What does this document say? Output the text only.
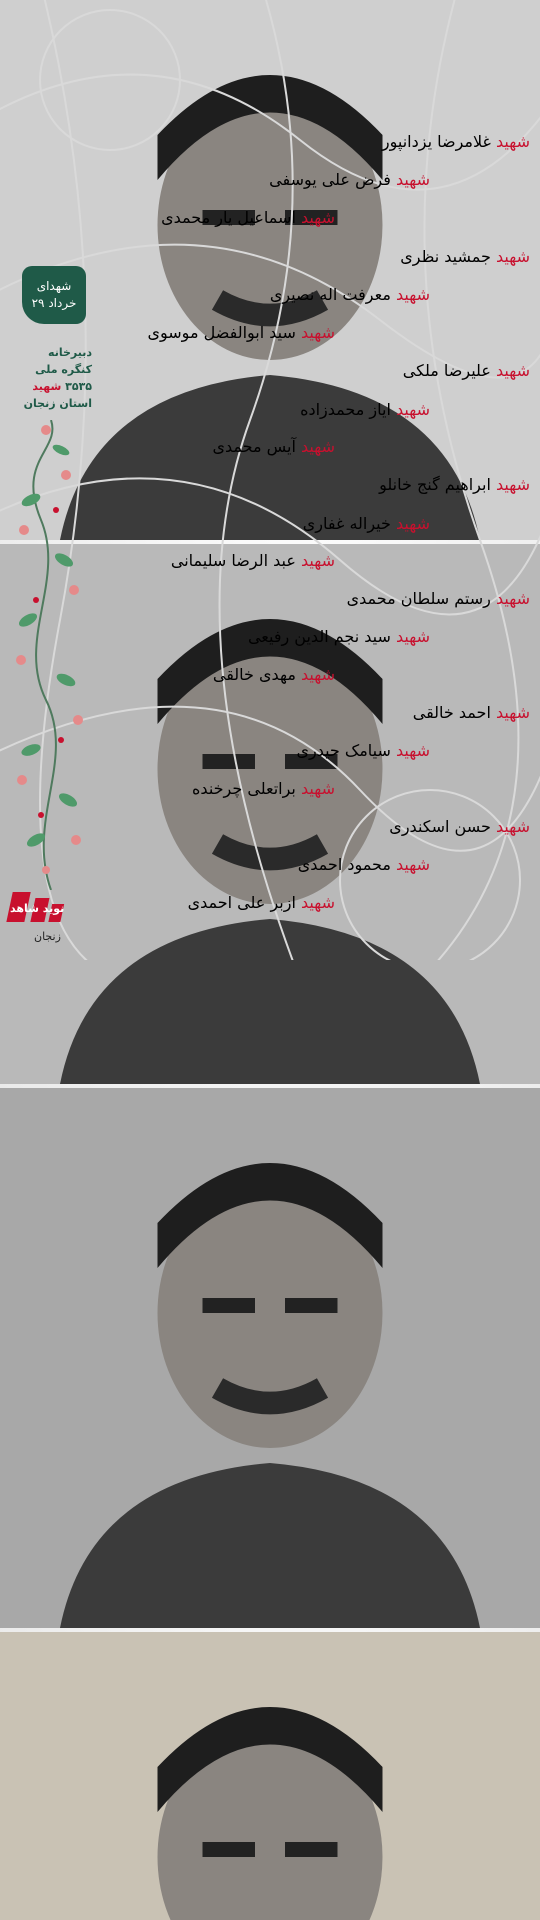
شهدای
۲۹ خرداد
دبیرخانه
کنگره ملی
۳۵۳۵ شهید
استان زنجان
نوید شاهد
زنجان
شهید غلامرضا یزدانپور
شهید فرض علی یوسفی
شهید اسماعیل یار محمدی
شهید جمشید نظری
شهید معرفت اله نصیری
شهید سید ابوالفضل موسوی
شهید علیرضا ملکی
شهید ایاز محمدزاده
شهید آیس محمدی
شهید ابراهیم گنج خانلو
شهید خیراله غفاری
شهید عبد الرضا سلیمانی
شهید رستم سلطان محمدی
شهید سید نجم الدین رفیعی
شهید مهدی خالقی
شهید احمد خالقی
شهید سیامک حیدری
شهید براتعلی چرخنده
شهید حسن اسکندری
شهید محمود احمدی
شهید ازبر علی احمدی
